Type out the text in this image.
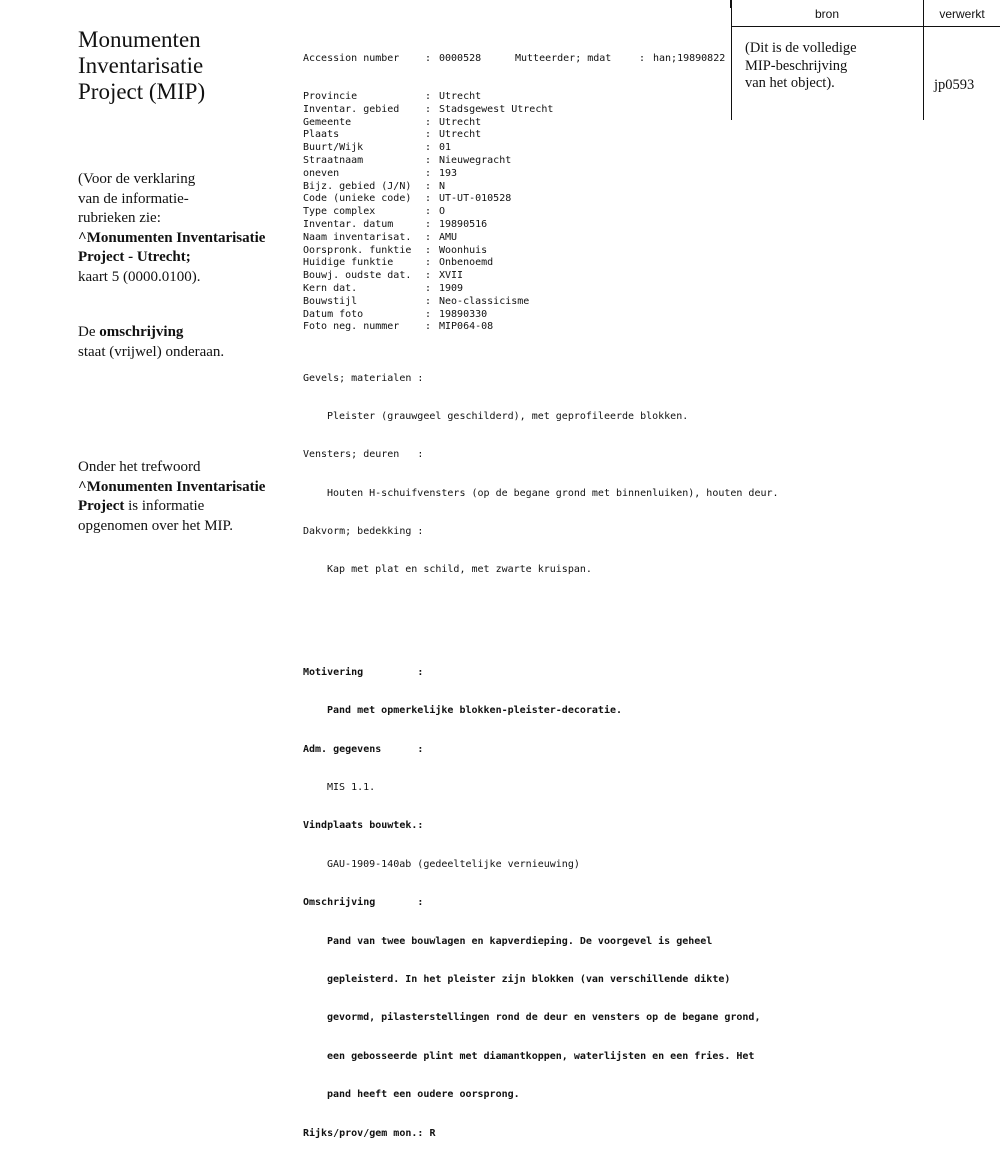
Monumenten
Inventarisatie
Project (MIP)
(Voor de verklaring
van de informatie-
rubrieken zie:
^Monumenten Inventarisatie
Project - Utrecht;
kaart 5 (0000.0100).
De omschrijving
staat (vrijwel) onderaan.
Onder het trefwoord
^Monumenten Inventarisatie
Project is informatie
opgenomen over het MIP.

Accession number	: 0000528	Mutteerder; mdat	: han;19890822

Provincie	: Utrecht
Inventar. gebied	: Stadsgewest Utrecht
Gemeente	: Utrecht
Plaats	: Utrecht
Buurt/Wijk	: 01
Straatnaam	: Nieuwegracht
oneven	: 193
Bijz. gebied (J/N)	: N
Code (unieke code)	: UT-UT-010528
Type complex	: O
Inventar. datum	: 19890516
Naam inventarisat.	: AMU
Oorspronk. funktie	: Woonhuis
Huidige funktie	: Onbenoemd
Bouwj. oudste dat.	: XVII
Kern dat.	: 1909
Bouwstijl	: Neo-classicisme
Datum foto	: 19890330
Foto neg. nummer	: MIP064-08

Gevels; materialen :

Pleister (grauwgeel geschilderd), met geprofileerde blokken.

Vensters; deuren   :

Houten H-schuifvensters (op de begane grond met binnenluiken), houten deur.

Dakvorm; bedekking :

Kap met plat en schild, met zwarte kruispan.

Motivering         :

Pand met opmerkelijke blokken-pleister-decoratie.

Adm. gegevens      :

MIS 1.1.

Vindplaats bouwtek.:

GAU-1909-140ab (gedeeltelijke vernieuwing)

Omschrijving       :

Pand van twee bouwlagen en kapverdieping. De voorgevel is geheel

gepleisterd. In het pleister zijn blokken (van verschillende dikte)

gevormd, pilasterstellingen rond de deur en vensters op de begane grond,

een gebosseerde plint met diamantkoppen, waterlijsten en een fries. Het

pand heeft een oudere oorsprong.

Rijks/prov/gem mon.: R

bron	verwerkt
(Dit is de volledige
MIP-beschrijving
van het object).	jp0593
